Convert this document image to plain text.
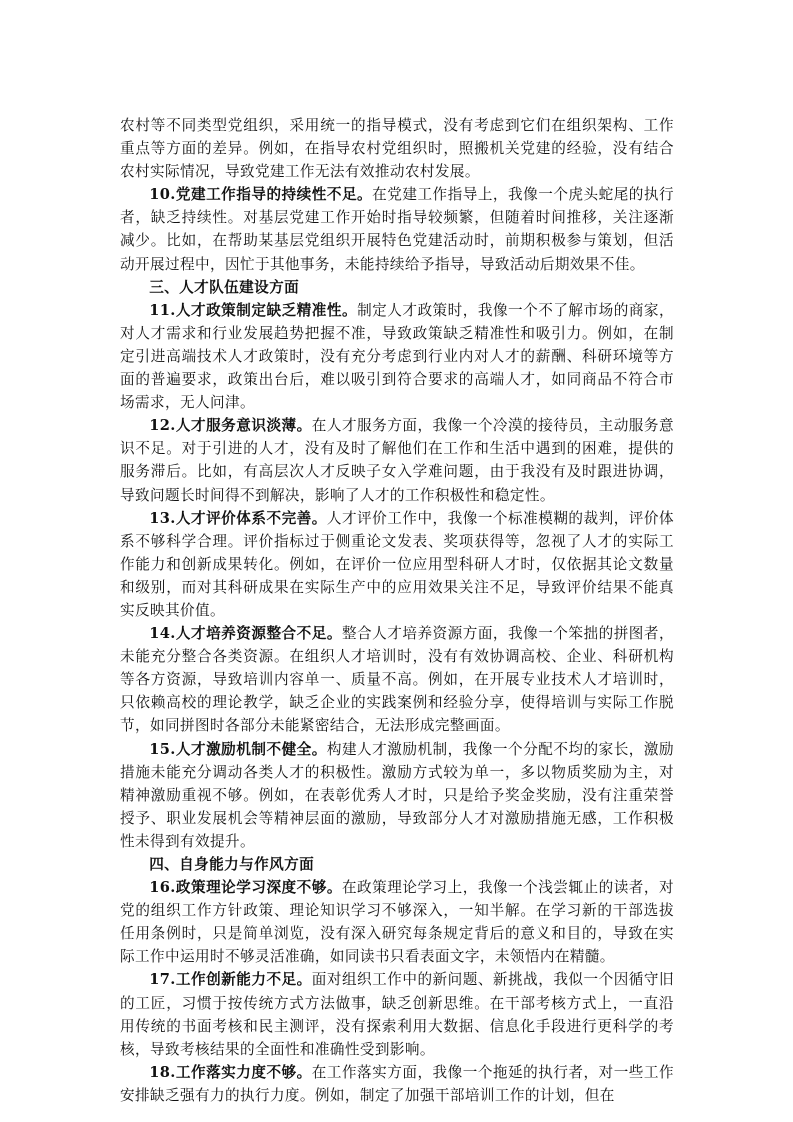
农村等不同类型党组织，采用统一的指导模式，没有考虑到它们在组织架构、工作重点等方面的差异。例如，在指导农村党组织时，照搬机关党建的经验，没有结合农村实际情况，导致党建工作无法有效推动农村发展。

10.党建工作指导的持续性不足。在党建工作指导上，我像一个虎头蛇尾的执行者，缺乏持续性。对基层党建工作开始时指导较频繁，但随着时间推移，关注逐渐减少。比如，在帮助某基层党组织开展特色党建活动时，前期积极参与策划，但活动开展过程中，因忙于其他事务，未能持续给予指导，导致活动后期效果不佳。

三、人才队伍建设方面

11.人才政策制定缺乏精准性。制定人才政策时，我像一个不了解市场的商家，对人才需求和行业发展趋势把握不准，导致政策缺乏精准性和吸引力。例如，在制定引进高端技术人才政策时，没有充分考虑到行业内对人才的薪酬、科研环境等方面的普遍要求，政策出台后，难以吸引到符合要求的高端人才，如同商品不符合市场需求，无人问津。

12.人才服务意识淡薄。在人才服务方面，我像一个冷漠的接待员，主动服务意识不足。对于引进的人才，没有及时了解他们在工作和生活中遇到的困难，提供的服务滞后。比如，有高层次人才反映子女入学难问题，由于我没有及时跟进协调，导致问题长时间得不到解决，影响了人才的工作积极性和稳定性。

13.人才评价体系不完善。人才评价工作中，我像一个标准模糊的裁判，评价体系不够科学合理。评价指标过于侧重论文发表、奖项获得等，忽视了人才的实际工作能力和创新成果转化。例如，在评价一位应用型科研人才时，仅依据其论文数量和级别，而对其科研成果在实际生产中的应用效果关注不足，导致评价结果不能真实反映其价值。

14.人才培养资源整合不足。整合人才培养资源方面，我像一个笨拙的拼图者，未能充分整合各类资源。在组织人才培训时，没有有效协调高校、企业、科研机构等各方资源，导致培训内容单一、质量不高。例如，在开展专业技术人才培训时，只依赖高校的理论教学，缺乏企业的实践案例和经验分享，使得培训与实际工作脱节，如同拼图时各部分未能紧密结合，无法形成完整画面。

15.人才激励机制不健全。构建人才激励机制，我像一个分配不均的家长，激励措施未能充分调动各类人才的积极性。激励方式较为单一，多以物质奖励为主，对精神激励重视不够。例如，在表彰优秀人才时，只是给予奖金奖励，没有注重荣誉授予、职业发展机会等精神层面的激励，导致部分人才对激励措施无感，工作积极性未得到有效提升。

四、自身能力与作风方面

16.政策理论学习深度不够。在政策理论学习上，我像一个浅尝辄止的读者，对党的组织工作方针政策、理论知识学习不够深入，一知半解。在学习新的干部选拔任用条例时，只是简单浏览，没有深入研究每条规定背后的意义和目的，导致在实际工作中运用时不够灵活准确，如同读书只看表面文字，未领悟内在精髓。

17.工作创新能力不足。面对组织工作中的新问题、新挑战，我似一个因循守旧的工匠，习惯于按传统方式方法做事，缺乏创新思维。在干部考核方式上，一直沿用传统的书面考核和民主测评，没有探索利用大数据、信息化手段进行更科学的考核，导致考核结果的全面性和准确性受到影响。

18.工作落实力度不够。在工作落实方面，我像一个拖延的执行者，对一些工作安排缺乏强有力的执行力度。例如，制定了加强干部培训工作的计划，但在
